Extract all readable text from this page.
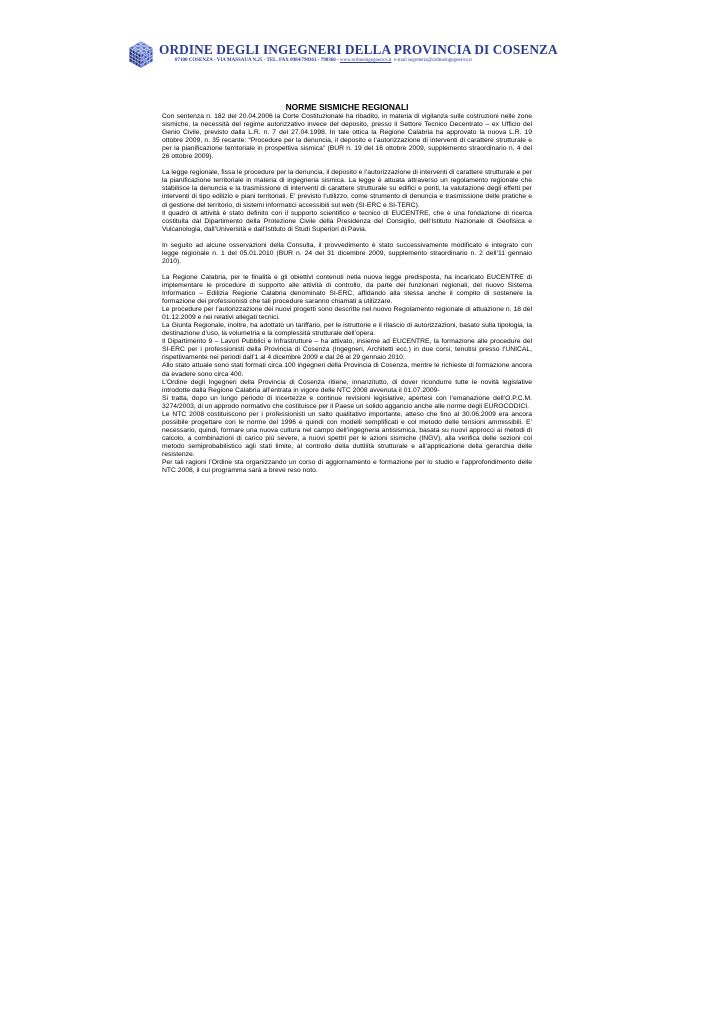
ORDINE DEGLI INGEGNERI DELLA PROVINCIA DI COSENZA
87100 COSENZA - VIA MASSAUA N.25 - TEL. FAX 0984/790361 - 790366 - www.ordineingegnerics.it e-mail segreteria@ordineingegnerics.it
NORME SISMICHE REGIONALI

Con sentenza n. 182 del 20.04.2006 la Corte Costituzionale ha ribadito, in materia di vigilanza sulle costruzioni nelle zone sismiche, la necessità del regime autorizzativo invece del deposito, presso il Settore Tecnico Decentrato – ex Ufficio del Genio Civile, previsto dalla L.R. n. 7 del 27.04.1998. In tale ottica la Regione Calabria ha approvato la nuova L.R. 19 ottobre 2009, n. 35 recante: “Procedure per la denuncia, il deposito e l’autorizzazione di interventi di carattere strutturale e per la pianificazione territoriale in prospettiva sismica” (BUR n. 19 del 16 ottobre 2009, supplemento straordinario n. 4 del 26 ottobre 2009).

La legge regionale, fissa le procedure per la denuncia, il deposito e l’autorizzazione di interventi di carattere strutturale e per la pianificazione territoriale in materia di ingegneria sismica. La legge è attuata attraverso un regolamento regionale che stabilisce la denuncia e la trasmissione di interventi di carattere strutturale su edifici e ponti, la valutazione degli effetti per interventi di tipo edilizio e piani territoriali. E’ previsto l’utilizzo, come strumento di denuncia e trasmissione delle pratiche e di gestione del territorio, di sistemi informatici accessibili sul web (SI-ERC e SI-TERC).

Il quadro di attività è stato definito con il supporto scientifico e tecnico di EUCENTRE, che è una fondazione di ricerca costituita dal Dipartimento della Protezione Civile della Presidenza del Consiglio, dell’Istituto Nazionale di Geofisica e Vulcanologia, dall’Università e dall’Istituto di Studi Superiori di Pavia.

In seguito ad alcune osservazioni della Consulta, il provvedimento è stato successivamente modificato e integrato con legge regionale n. 1 del 05.01.2010 (BUR n. 24 del 31 dicembre 2009, supplemento straordinario n. 2 dell’11 gennaio 2010).

La Regione Calabria, per le finalità e gli obiettivi contenuti nella nuova legge predisposta, ha incaricato EUCENTRE di implementare le procedure di supporto alle attività di controllo, da parte dei funzionari regionali, del nuovo Sistema Informatico – Edilizia Regione Calabria denominato SI-ERC, affidando alla stessa anche il compito di sostenere la formazione dei professionisti che tali procedure saranno chiamati a utilizzare.

Le procedure per l’autorizzazione dei nuovi progetti sono descritte nel nuovo Regolamento regionale di attuazione n. 18 del 01.12.2009 e nei relativi allegati tecnici.

La Giunta Regionale, inoltre, ha adottato un tariffario, per le istruttorie e il rilascio di autorizzazioni, basato sulla tipologia, la destinazione d’uso, la volumetria e la complessità strutturale dell’opera.

Il Dipartimento 9 – Lavori Pubblici e Infrastrutture – ha attivato, insieme ad EUCENTRE, la formazione alle procedure del SI-ERC per i professionisti della Provincia di Cosenza (Ingegneri, Architetti ecc.) in due corsi, tenutisi presso l’UNICAL, rispettivamente nei periodi dall’1 al 4 dicembre 2009 e dal 26 al 29 gennaio 2010.

Allo stato attuale sono stati formati circa 100 ingegneri della Provincia di Cosenza, mentre le richieste di formazione ancora da evadere sono circa 400.

L’Ordine degli Ingegneri della Provincia di Cosenza ritiene, innanzitutto, di dover ricondurre tutte le novità legislative introdotte dalla Regione Calabria all’entrata in vigore delle NTC 2008 avvenuta il 01.07.2009-

Si tratta, dopo un lungo periodo di incertezze e continue revisioni legislative, apertesi con l’emanazione dell’O.P.C.M. 3274/2003, di un approdo normativo che costituisce per il Paese un solido aggancio anche alle norme degli EUROCODICI.

Le NTC 2008 costituiscono per i professionisti un salto qualitativo importante, atteso che fino al 30.06.2009 era ancora possibile progettare con le norme del 1996 e quindi con modelli semplificati e col metodo delle tensioni ammissibili. E’ necessario, quindi, formare una nuova cultura nel campo dell’ingegneria antisismica, basata su nuovi approcci ai metodi di calcolo, a combinazioni di carico più severe, a nuovi spettri per le azioni sismiche (INGV), alla verifica delle sezioni col metodo semiprobabilistico agli stati limite, al controllo della duttilità strutturale e all’applicazione della gerarchia delle resistenze.

Per tali ragioni l’Ordine sta organizzando un corso di aggiornamento e formazione per lo studio e l’approfondimento delle NTC 2008, il cui programma sarà a breve reso noto.
